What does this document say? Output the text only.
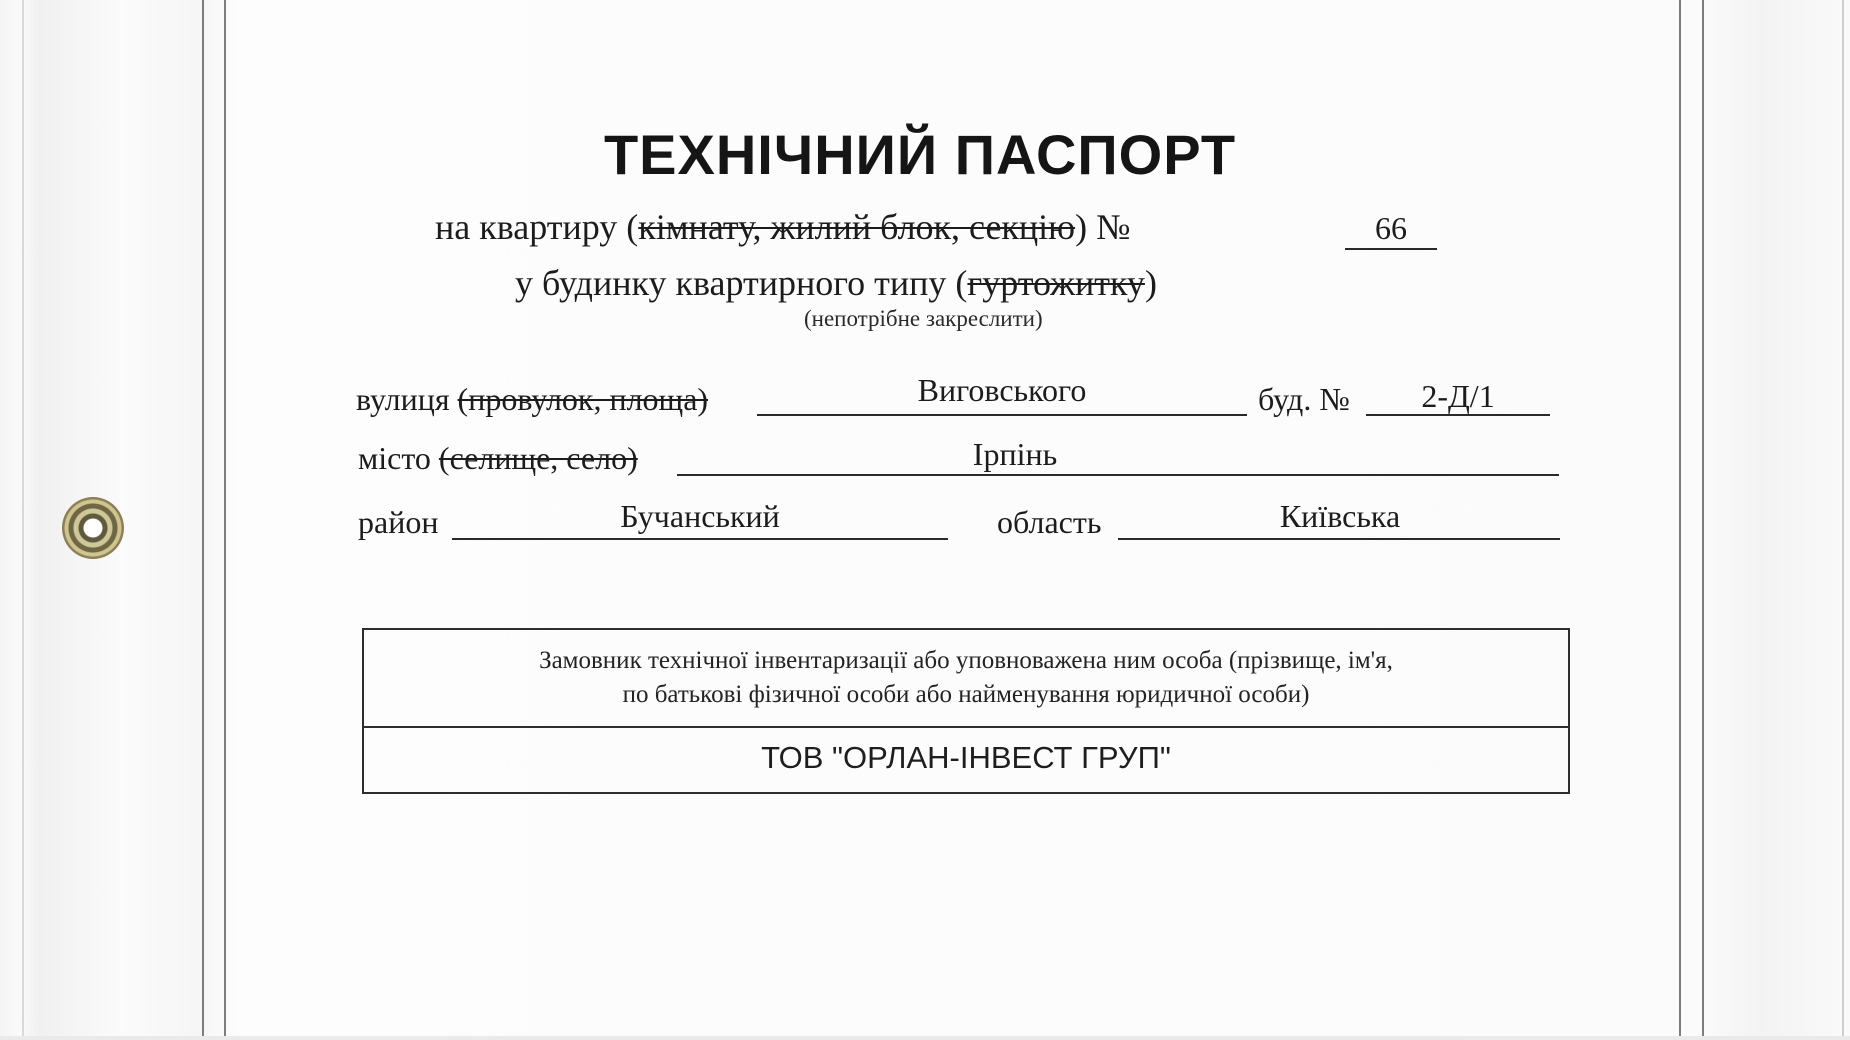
ТЕХНІЧНИЙ ПАСПОРТ
на квартиру (кімнату, жилий блок, секцію) №	66
у будинку квартирного типу (гуртожитку)
(непотрібне закреслити)
вулиця (провулок, площа)	Виговського	буд. №	2-Д/1
місто (селище, село)	Ірпінь
район	Бучанський	область	Київська
Замовник технічної інвентаризації або уповноважена ним особа (прізвище, ім'я,
по батькові фізичної особи або найменування юридичної особи)
ТОВ "ОРЛАН-ІНВЕСТ ГРУП"
